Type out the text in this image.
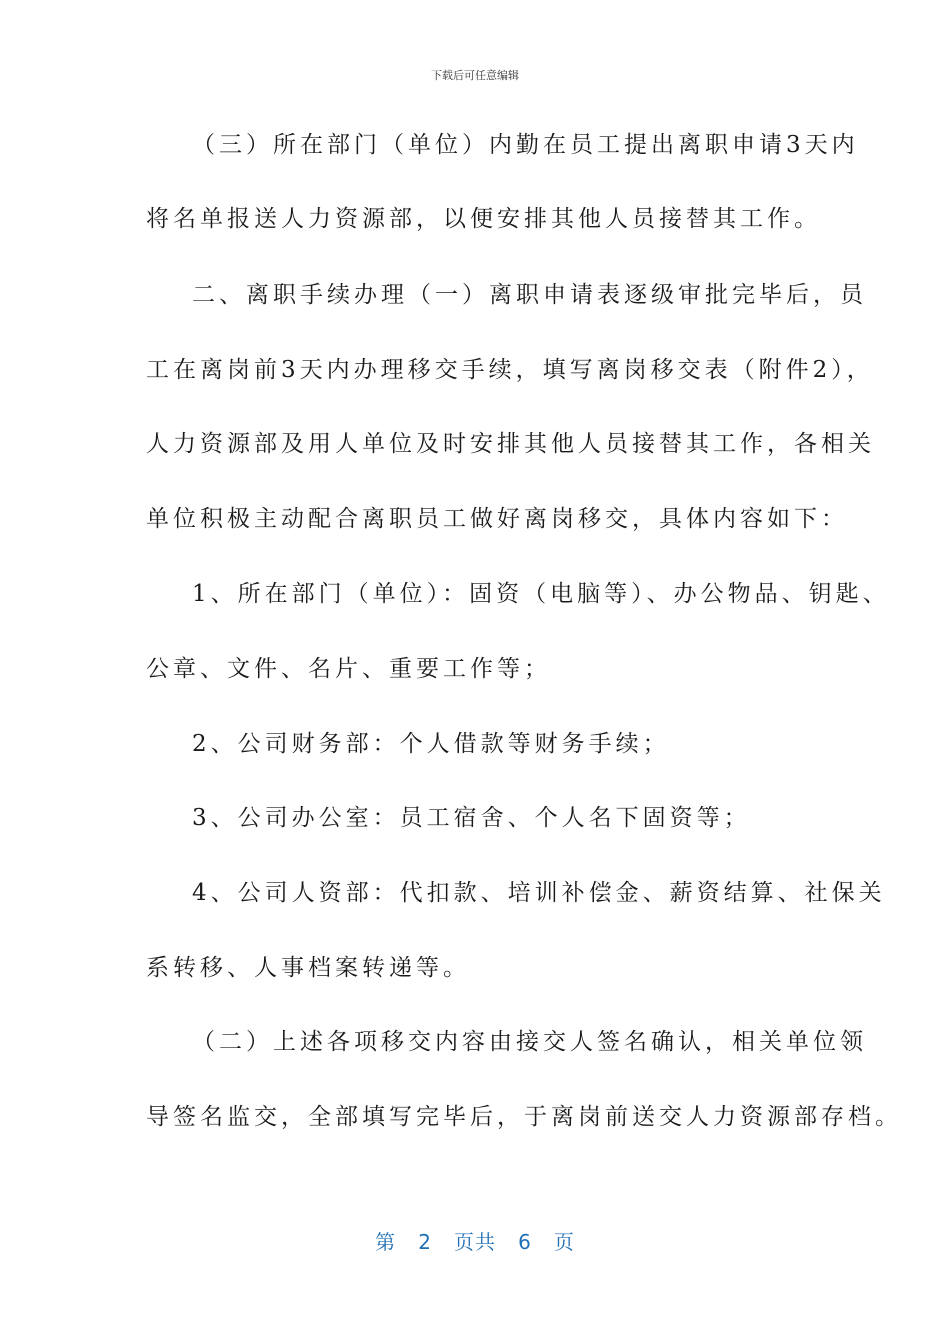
下载后可任意编辑
（三）所在部门（单位）内勤在员工提出离职申请3天内
将名单报送人力资源部，以便安排其他人员接替其工作。
二、离职手续办理（一）离职申请表逐级审批完毕后，员
工在离岗前3天内办理移交手续，填写离岗移交表（附件2），
人力资源部及用人单位及时安排其他人员接替其工作，各相关
单位积极主动配合离职员工做好离岗移交，具体内容如下：
1、所在部门（单位）：固资（电脑等）、办公物品、钥匙、
公章、文件、名片、重要工作等；
2、公司财务部：个人借款等财务手续；
3、公司办公室：员工宿舍、个人名下固资等；
4、公司人资部：代扣款、培训补偿金、薪资结算、社保关
系转移、人事档案转递等。
（二）上述各项移交内容由接交人签名确认，相关单位领
导签名监交，全部填写完毕后，于离岗前送交人力资源部存档。
第 2 页共 6 页
